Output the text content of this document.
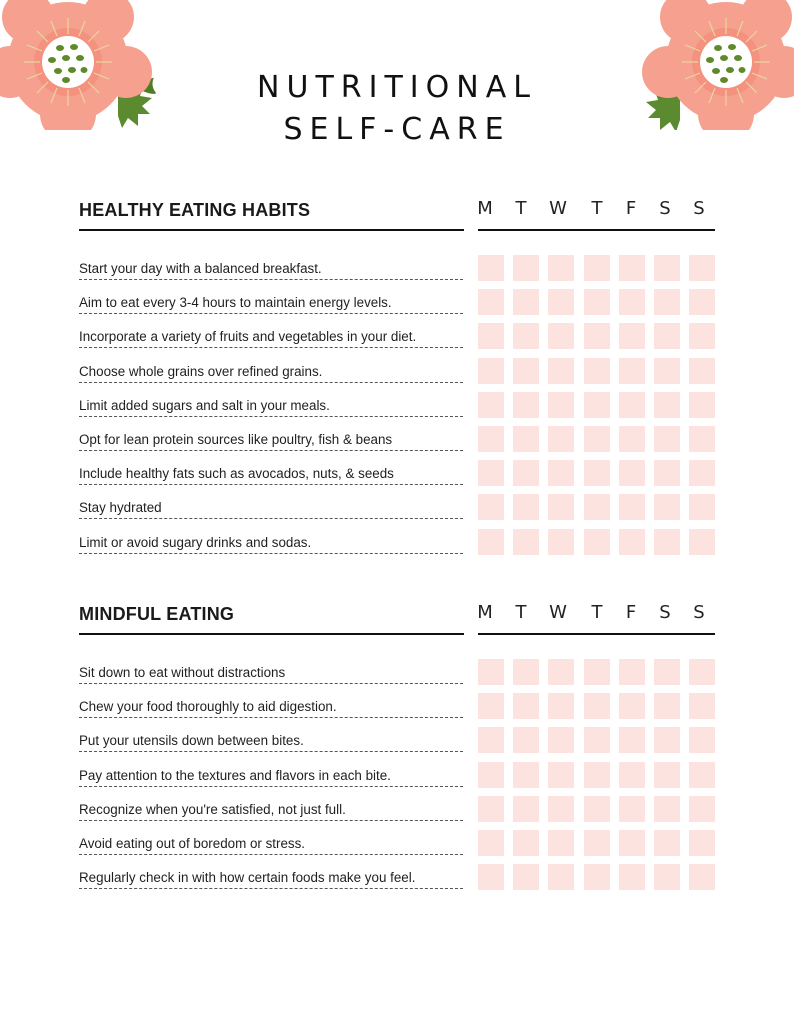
NUTRITIONAL
SELF-CARE
HEALTHY EATING HABITS	M	T	W	T	F	S	S
Start your day with a balanced breakfast.
Aim to eat every 3-4 hours to maintain energy levels.
Incorporate a variety of fruits and vegetables in your diet.
Choose whole grains over refined grains.
Limit added sugars and salt in your meals.
Opt for lean protein sources like poultry, fish & beans
Include healthy fats such as avocados, nuts, & seeds
Stay hydrated
Limit or avoid sugary drinks and sodas.
MINDFUL EATING	M	T	W	T	F	S	S
Sit down to eat without distractions
Chew your food thoroughly to aid digestion.
Put your utensils down between bites.
Pay attention to the textures and flavors in each bite.
Recognize when you're satisfied, not just full.
Avoid eating out of boredom or stress.
Regularly check in with how certain foods make you feel.
